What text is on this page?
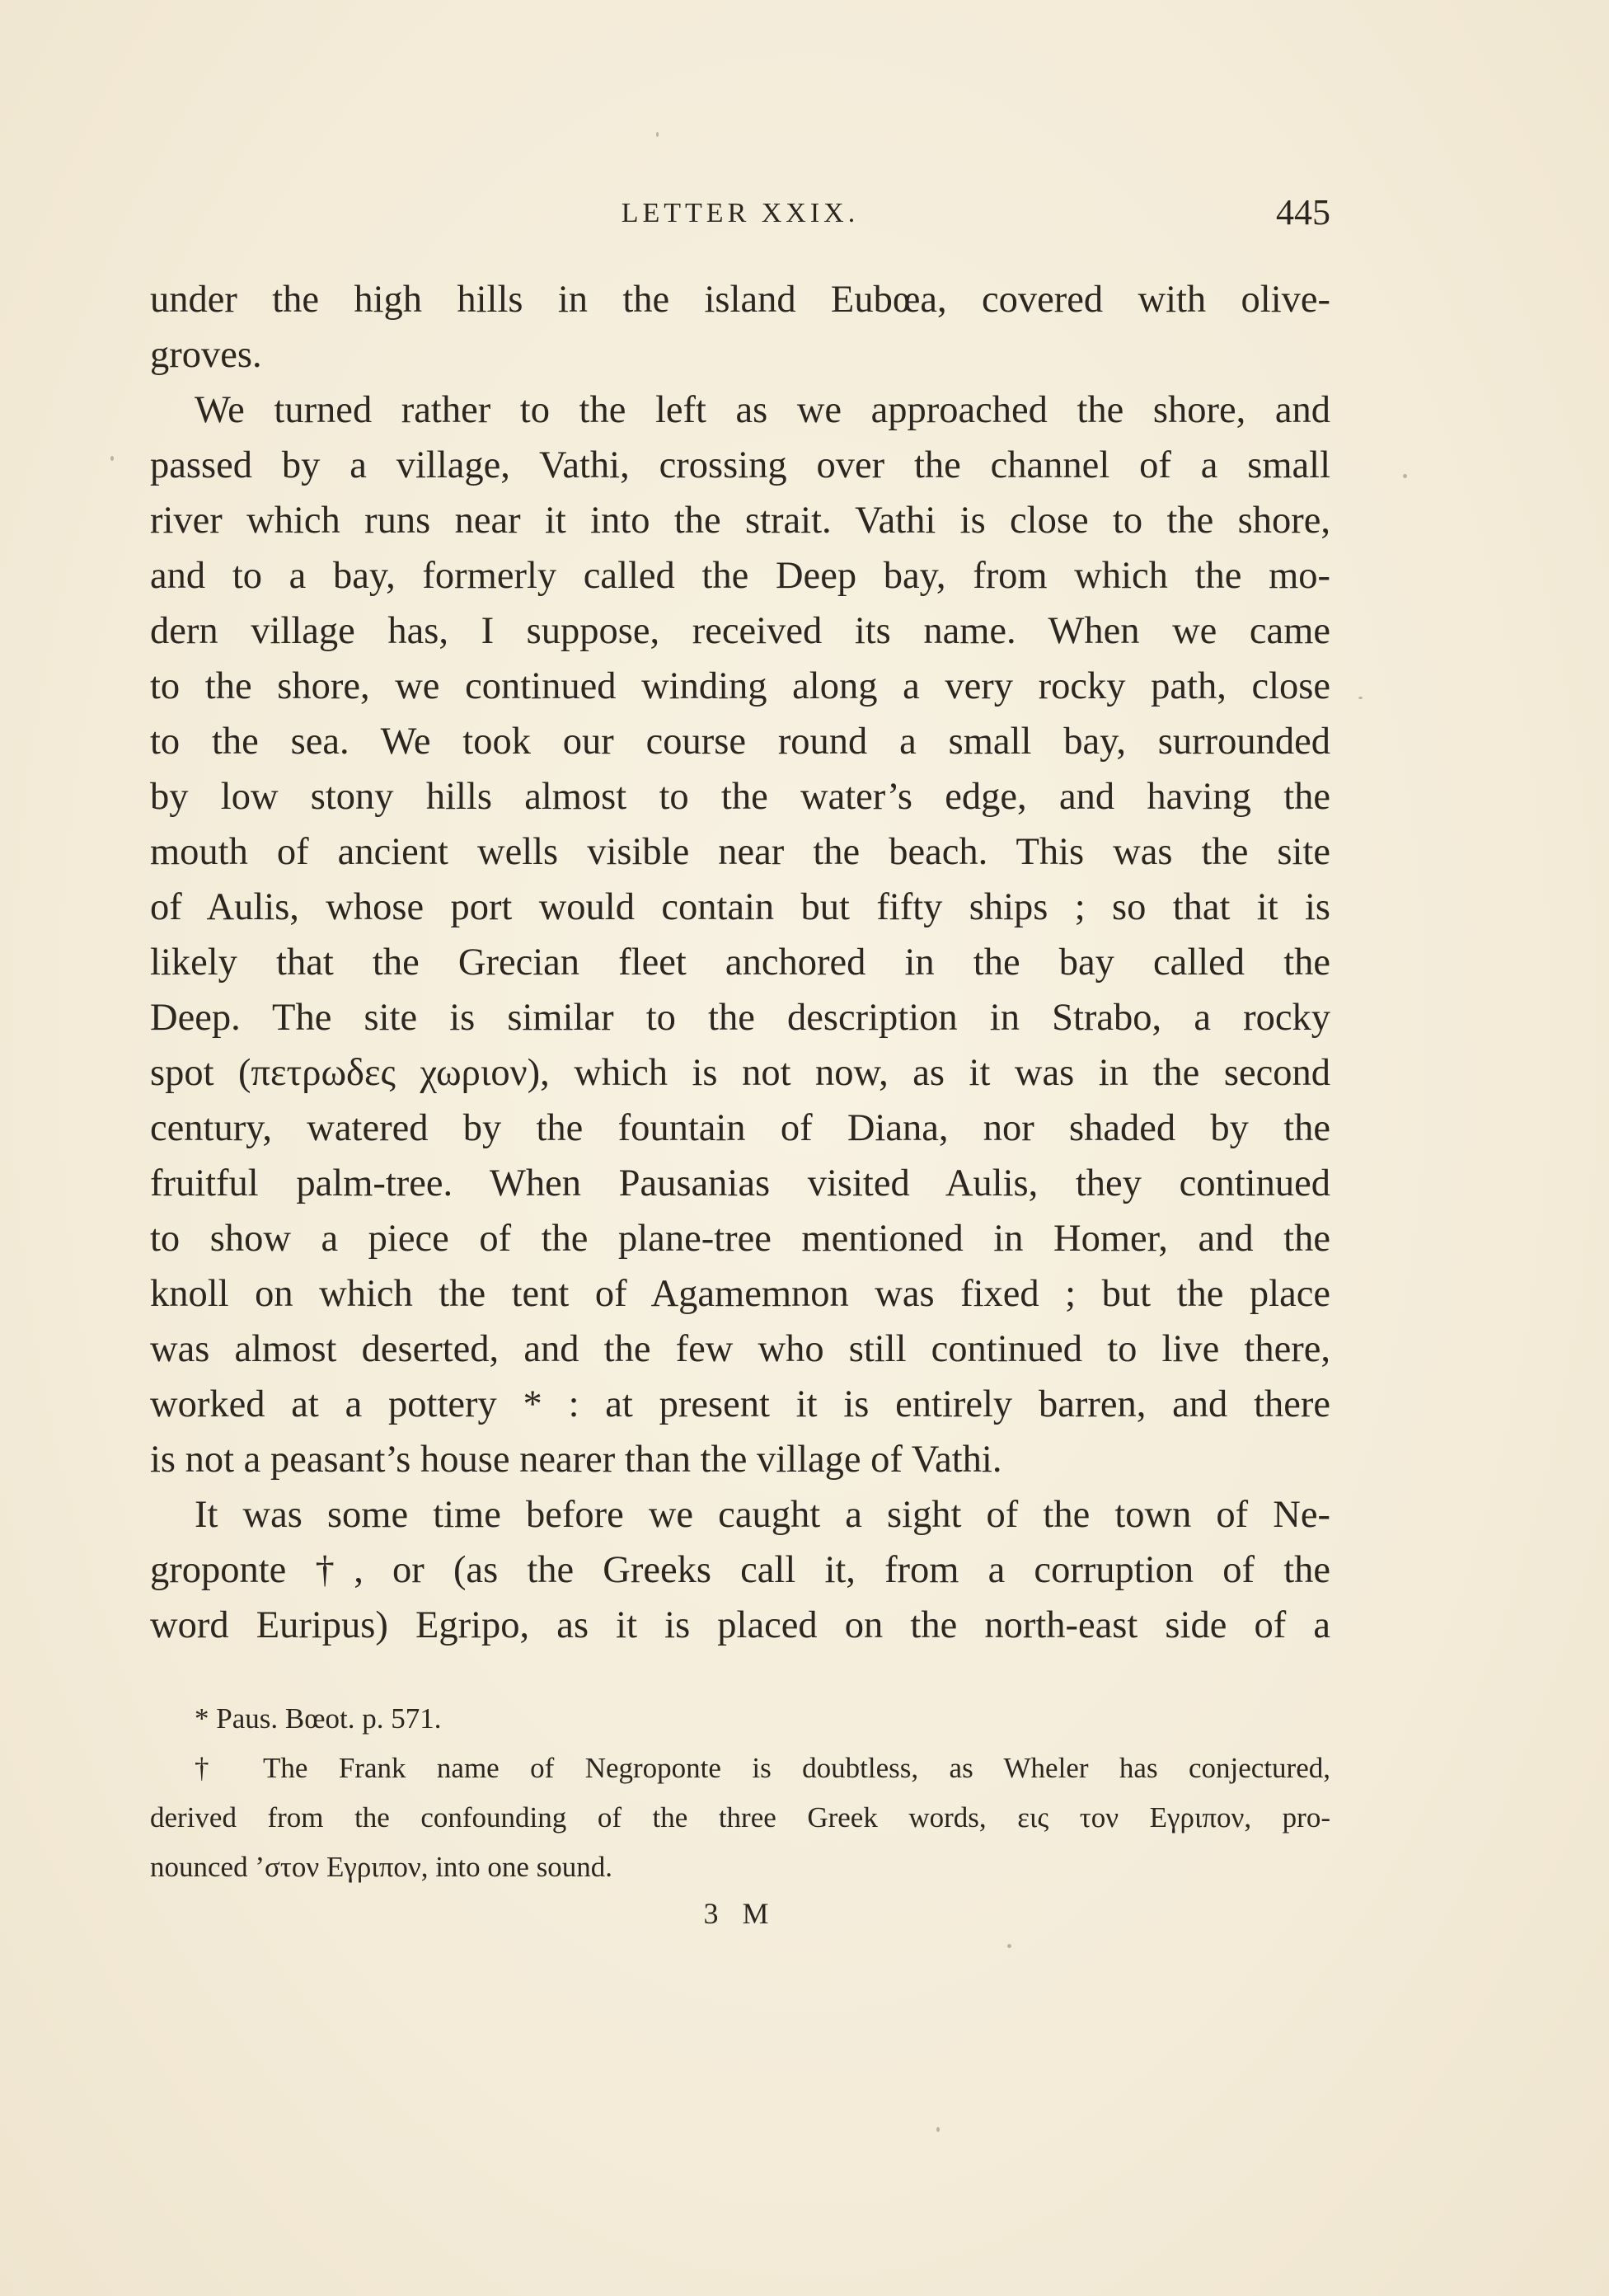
LETTER XXIX.	445
under the high hills in the island Eubœa, covered with olive-
groves.
We turned rather to the left as we approached the shore, and
passed by a village, Vathi, crossing over the channel of a small
river which runs near it into the strait. Vathi is close to the shore,
and to a bay, formerly called the Deep bay, from which the mo-
dern village has, I suppose, received its name. When we came
to the shore, we continued winding along a very rocky path, close
to the sea. We took our course round a small bay, surrounded
by low stony hills almost to the water’s edge, and having the
mouth of ancient wells visible near the beach. This was the site
of Aulis, whose port would contain but fifty ships ; so that it is
likely that the Grecian fleet anchored in the bay called the
Deep. The site is similar to the description in Strabo, a rocky
spot (πετρωδες χωριον), which is not now, as it was in the second
century, watered by the fountain of Diana, nor shaded by the
fruitful palm-tree. When Pausanias visited Aulis, they continued
to show a piece of the plane-tree mentioned in Homer, and the
knoll on which the tent of Agamemnon was fixed ; but the place
was almost deserted, and the few who still continued to live there,
worked at a pottery * : at present it is entirely barren, and there
is not a peasant’s house nearer than the village of Vathi.
It was some time before we caught a sight of the town of Ne-
groponte †, or (as the Greeks call it, from a corruption of the
word Euripus) Egripo, as it is placed on the north-east side of a
* Paus. Bœot. p. 571.
† The Frank name of Negroponte is doubtless, as Wheler has conjectured,
derived from the confounding of the three Greek words, εις τον Εγριπον, pro-
nounced ’στον Εγριπον, into one sound.
3 M
